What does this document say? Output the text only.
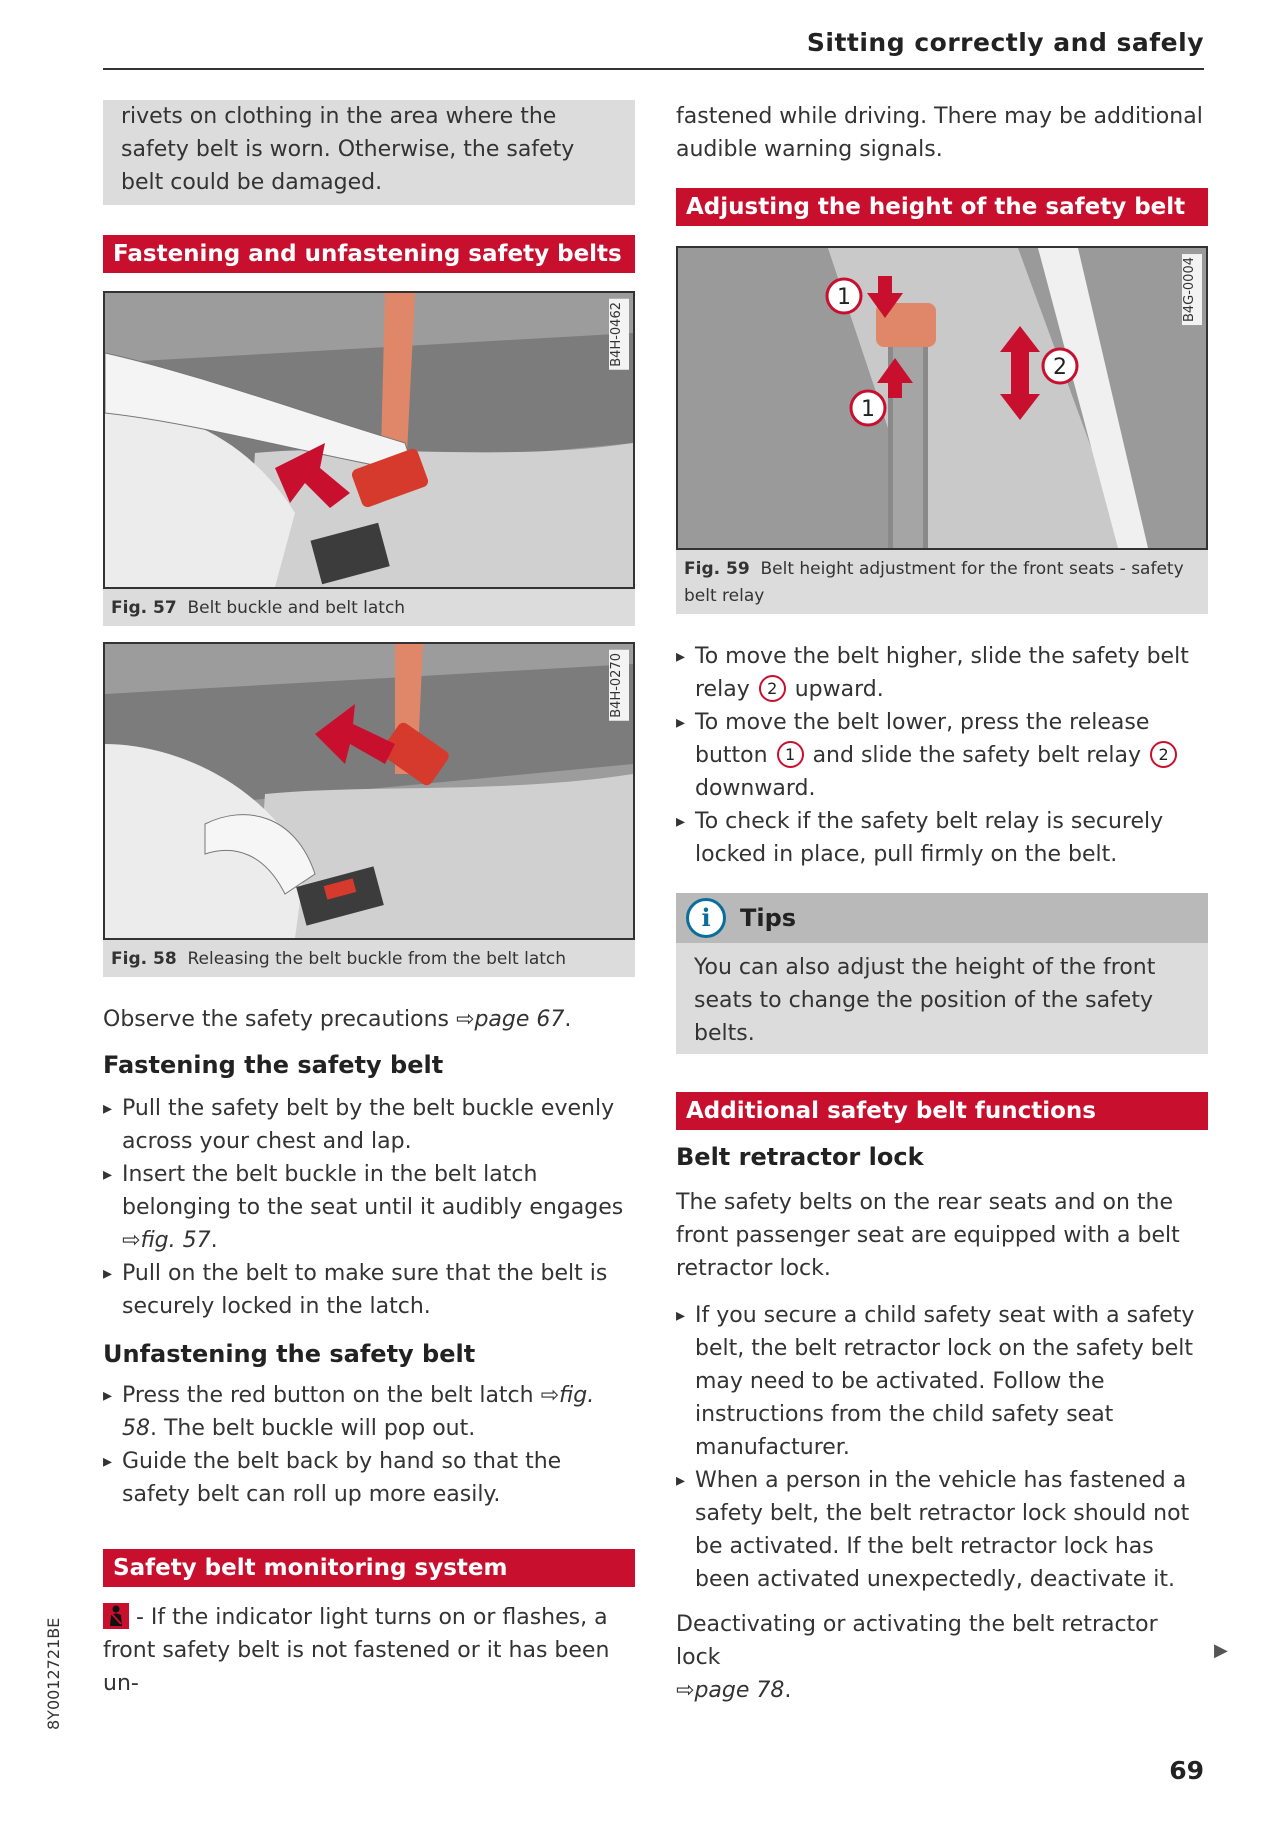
Sitting correctly and safely

rivets on clothing in the area where the safety belt is worn. Otherwise, the safety belt could be damaged.

Fastening and unfastening safety belts
B4H-0462
Fig. 57 Belt buckle and belt latch
B4H-0270
Fig. 58 Releasing the belt buckle from the belt latch

Observe the safety precautions ⇨page 67.

Fastening the safety belt
▸ Pull the safety belt by the belt buckle evenly across your chest and lap.
▸ Insert the belt buckle in the belt latch belonging to the seat until it audibly engages
⇨fig. 57.
▸ Pull on the belt to make sure that the belt is securely locked in the latch.
Unfastening the safety belt
▸ Press the red button on the belt latch ⇨fig. 58. The belt buckle will pop out.
▸ Guide the belt back by hand so that the safety belt can roll up more easily.
Safety belt monitoring system

- If the indicator light turns on or flashes, a front safety belt is not fastened or it has been un-

fastened while driving. There may be additional audible warning signals.

Adjusting the height of the safety belt
1
1
2
B4G-0004
Fig. 59 Belt height adjustment for the front seats - safety belt relay
▸ To move the belt higher, slide the safety belt relay 2 upward.
▸ To move the belt lower, press the release button 1 and slide the safety belt relay 2 downward.
▸ To check if the safety belt relay is securely locked in place, pull firmly on the belt.
i	Tips

You can also adjust the height of the front seats to change the position of the safety belts.

Additional safety belt functions
Belt retractor lock

The safety belts on the rear seats and on the front passenger seat are equipped with a belt retractor lock.

▸ If you secure a child safety seat with a safety belt, the belt retractor lock on the safety belt may need to be activated. Follow the instructions from the child safety seat manufacturer.
▸ When a person in the vehicle has fastened a safety belt, the belt retractor lock should not be activated. If the belt retractor lock has been activated unexpectedly, deactivate it.

Deactivating or activating the belt retractor lock
⇨page 78.

▶
8Y0012721BE
69
